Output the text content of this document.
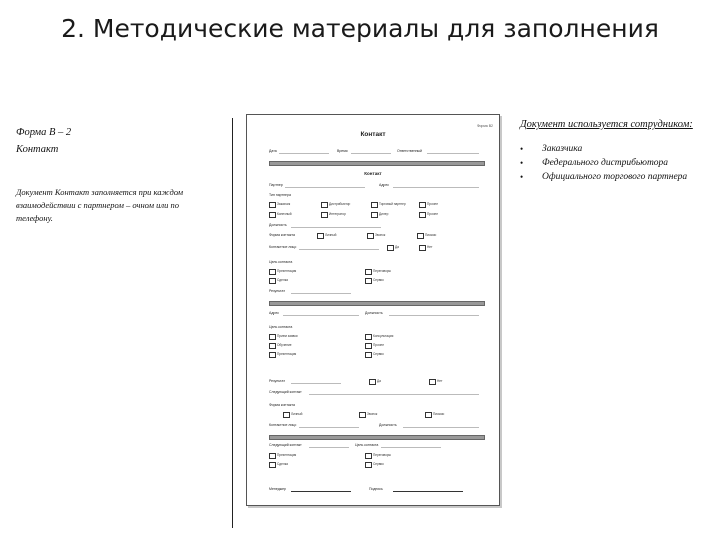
2. Методические материалы для заполнения
Форма В – 2
Контакт
Документ Контакт заполняется при каждом взаимодействии с партнером – очном или по телефону.
Форма В2
Контакт
Дата	Время	Ответственный
Контакт
Партнер	Адрес
Тип партнера
Заказчик	Дистрибьютор	Торговый партнер	Прочее
Конечный	Интегратор	Дилер	Прочее
Должность
Форма контакта	Личный	Звонок	Письмо
Контактное лицо	Да	Нет
Цель контакта
Презентация	Переговоры
Сделка	Сервис
Результат
Адрес	Должность
Цель контакта
Прием заявки	Консультация
Обучение	Прочее
Презентация	Сервис
Результат	Да	Нет
Следующий контакт
Форма контакта
Личный	Звонок	Письмо
Контактное лицо	Должность
Следующий контакт	Цель контакта
Презентация	Переговоры
Сделка	Сервис
Менеджер	Подпись
Документ используется сотрудником:
• Заказчика
• Федерального дистрибьютора
• Официального торгового партнера
